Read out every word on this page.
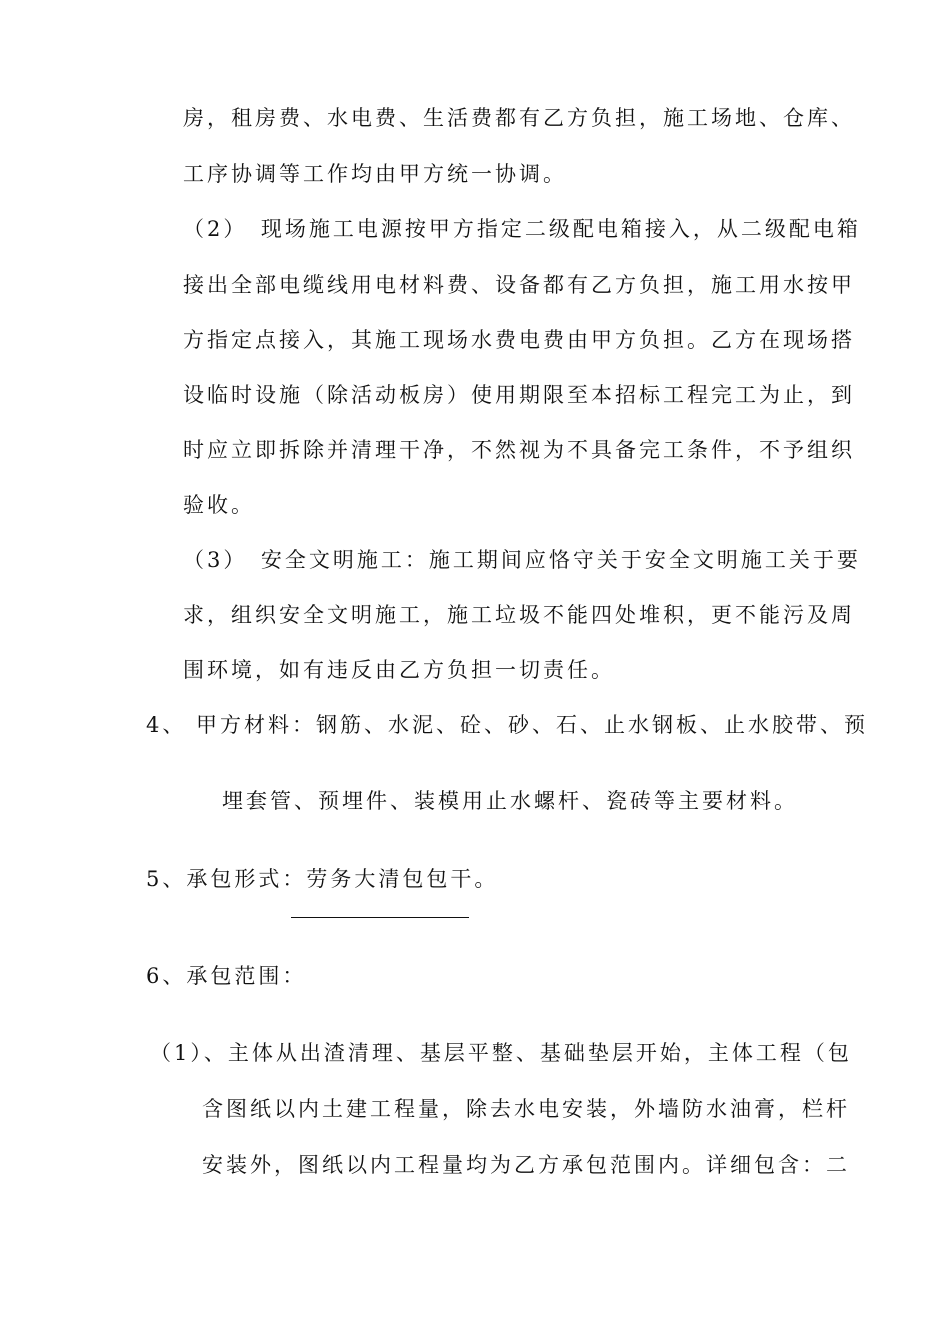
房，租房费、水电费、生活费都有乙方负担，施工场地、仓库、
工序协调等工作均由甲方统一协调。
（2）　现场施工电源按甲方指定二级配电箱接入，从二级配电箱
接出全部电缆线用电材料费、设备都有乙方负担，施工用水按甲
方指定点接入，其施工现场水费电费由甲方负担。乙方在现场搭
设临时设施（除活动板房）使用期限至本招标工程完工为止，到
时应立即拆除并清理干净，不然视为不具备完工条件，不予组织
验收。
（3）　安全文明施工：施工期间应恪守关于安全文明施工关于要
求，组织安全文明施工，施工垃圾不能四处堆积，更不能污及周
围环境，如有违反由乙方负担一切责任。
4、 甲方材料：钢筋、水泥、砼、砂、石、止水钢板、止水胶带、预
埋套管、预埋件、装模用止水螺杆、瓷砖等主要材料。
5、承包形式：劳务大清包包干。
6、承包范围：
（1）、主体从出渣清理、基层平整、基础垫层开始，主体工程（包
含图纸以内土建工程量，除去水电安装，外墙防水油膏，栏杆
安装外，图纸以内工程量均为乙方承包范围内。详细包含：二
